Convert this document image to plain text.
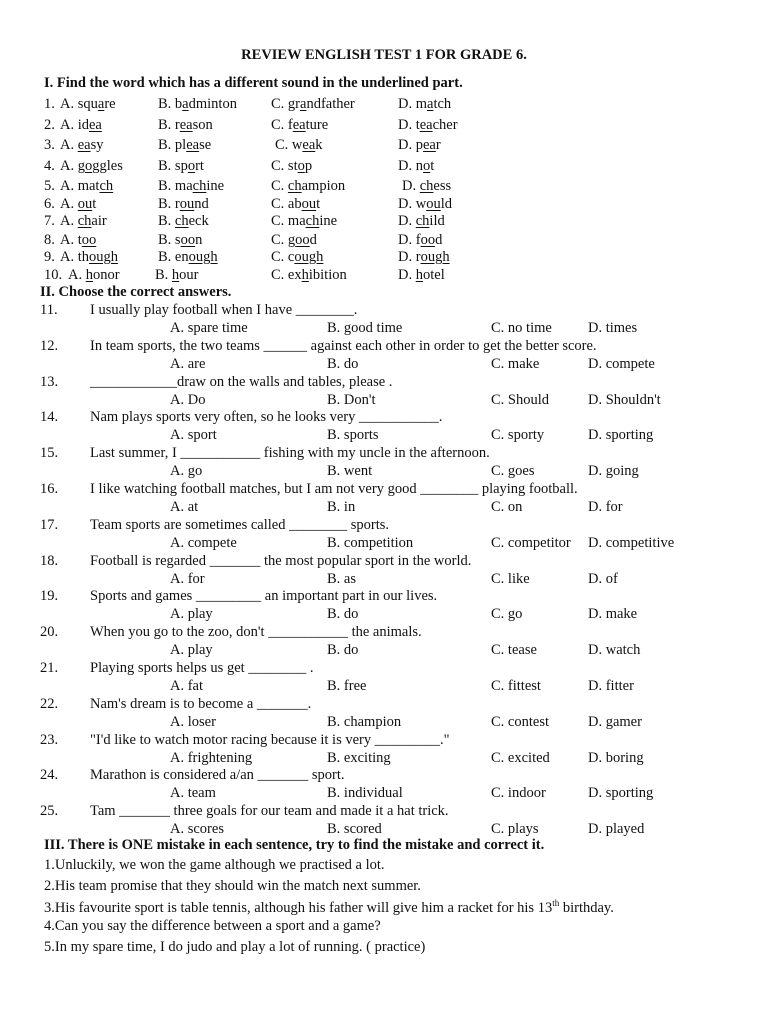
REVIEW ENGLISH TEST 1 FOR GRADE 6.
I. Find the word which has a different sound in the underlined part.
1. A. square	B. badminton C. grandfather	D. match
2. A. idea	B. reason	C. feature	D. teacher
3. A. easy	B. please	C. weak	D. pear
4. A. goggles B. sport	C. stop	D. not
5. A. match	B. machine	C. champion	D. chess
6. A. out	B. round	C. about	D. would
7. A. chair	B. check	C. machine	D. child
8. A. too	B. soon	C. good	D. food
9. A. though	B. enough	C. cough	D. rough
10. A. honor B. hour	C. exhibition	D. hotel
II. Choose the correct answers.
11. I usually play football when I have ________.
A. spare time	B. good time	C. no time D. times
12. In team sports, the two teams ______ against each other in order to get the better score.
A. are	B. do	C. make	D. compete
13. ____________draw on the walls and tables, please .
A. Do	B. Don't	C. Should	D. Shouldn't
14. Nam plays sports very often, so he looks very ___________.
A. sport	B. sports	C. sporty	D. sporting
15. Last summer, I ___________ fishing with my uncle in the afternoon.
A. go	B. went	C. goes	D. going
16. I like watching football matches, but I am not very good ________ playing football.
A. at	B. in	C. on	D. for
17. Team sports are sometimes called ________ sports.
A. compete	B. competition	C. competitor D. competitive
18. Football is regarded _______ the most popular sport in the world.
A. for	B. as	C. like	D. of
19. Sports and games _________ an important part in our lives.
A. play	B. do	C. go	D. make
20. When you go to the zoo, don't ___________ the animals.
A. play	B. do	C. tease	D. watch
21. Playing sports helps us get ________ .
A. fat	B. free	C. fittest	D. fitter
22. Nam's dream is to become a _______.
A. loser	B. champion	C. contest	D. gamer
23. "I'd like to watch motor racing because it is very _________."
A. frightening	B. exciting	C. excited	D. boring
24. Marathon is considered a/an _______ sport.
A. team	B. individual	C. indoor	D. sporting
25. Tam _______ three goals for our team and made it a hat trick.
A. scores	B. scored	C. plays	D. played
III. There is ONE mistake in each sentence, try to find the mistake and correct it.
1.Unluckily, we won the game although we practised a lot.
2.His team promise that they should win the match next summer.
3.His favourite sport is table tennis, although his father will give him a racket for his 13th birthday.
4.Can you say the difference between a sport and a game?
5.In my spare time, I do judo and play a lot of running. ( practice)
